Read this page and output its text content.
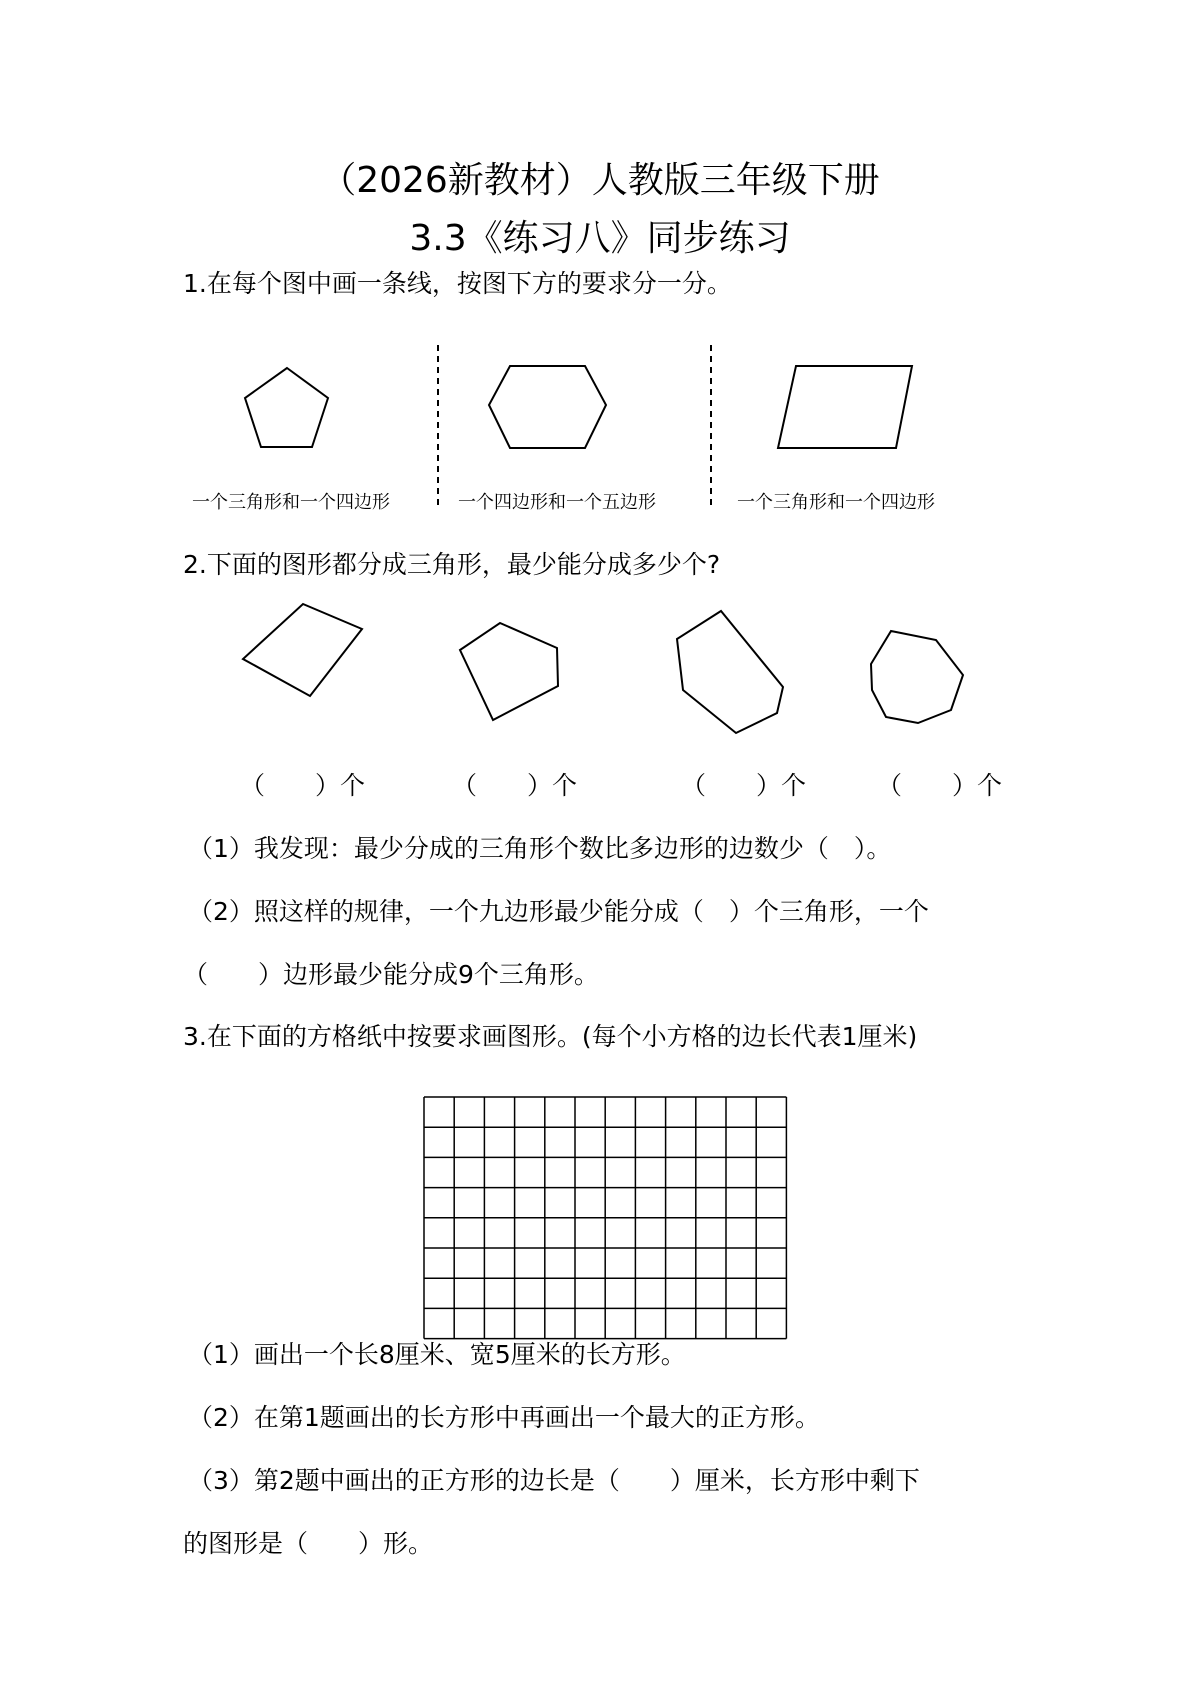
（2026新教材）人教版三年级下册
3.3《练习八》同步练习
1.在每个图中画一条线，按图下方的要求分一分。
一个三角形和一个四边形	一个四边形和一个五边形	一个三角形和一个四边形
2.下面的图形都分成三角形，最少能分成多少个?
（　　）个	（　　）个	（　　）个	（　　）个
（1）我发现：最少分成的三角形个数比多边形的边数少（　）。
（2）照这样的规律，一个九边形最少能分成（　）个三角形，一个
（　　）边形最少能分成9个三角形。
3.在下面的方格纸中按要求画图形。(每个小方格的边长代表1厘米)
（1）画出一个长8厘米、宽5厘米的长方形。
（2）在第1题画出的长方形中再画出一个最大的正方形。
（3）第2题中画出的正方形的边长是（　　）厘米，长方形中剩下
的图形是（　　）形。
